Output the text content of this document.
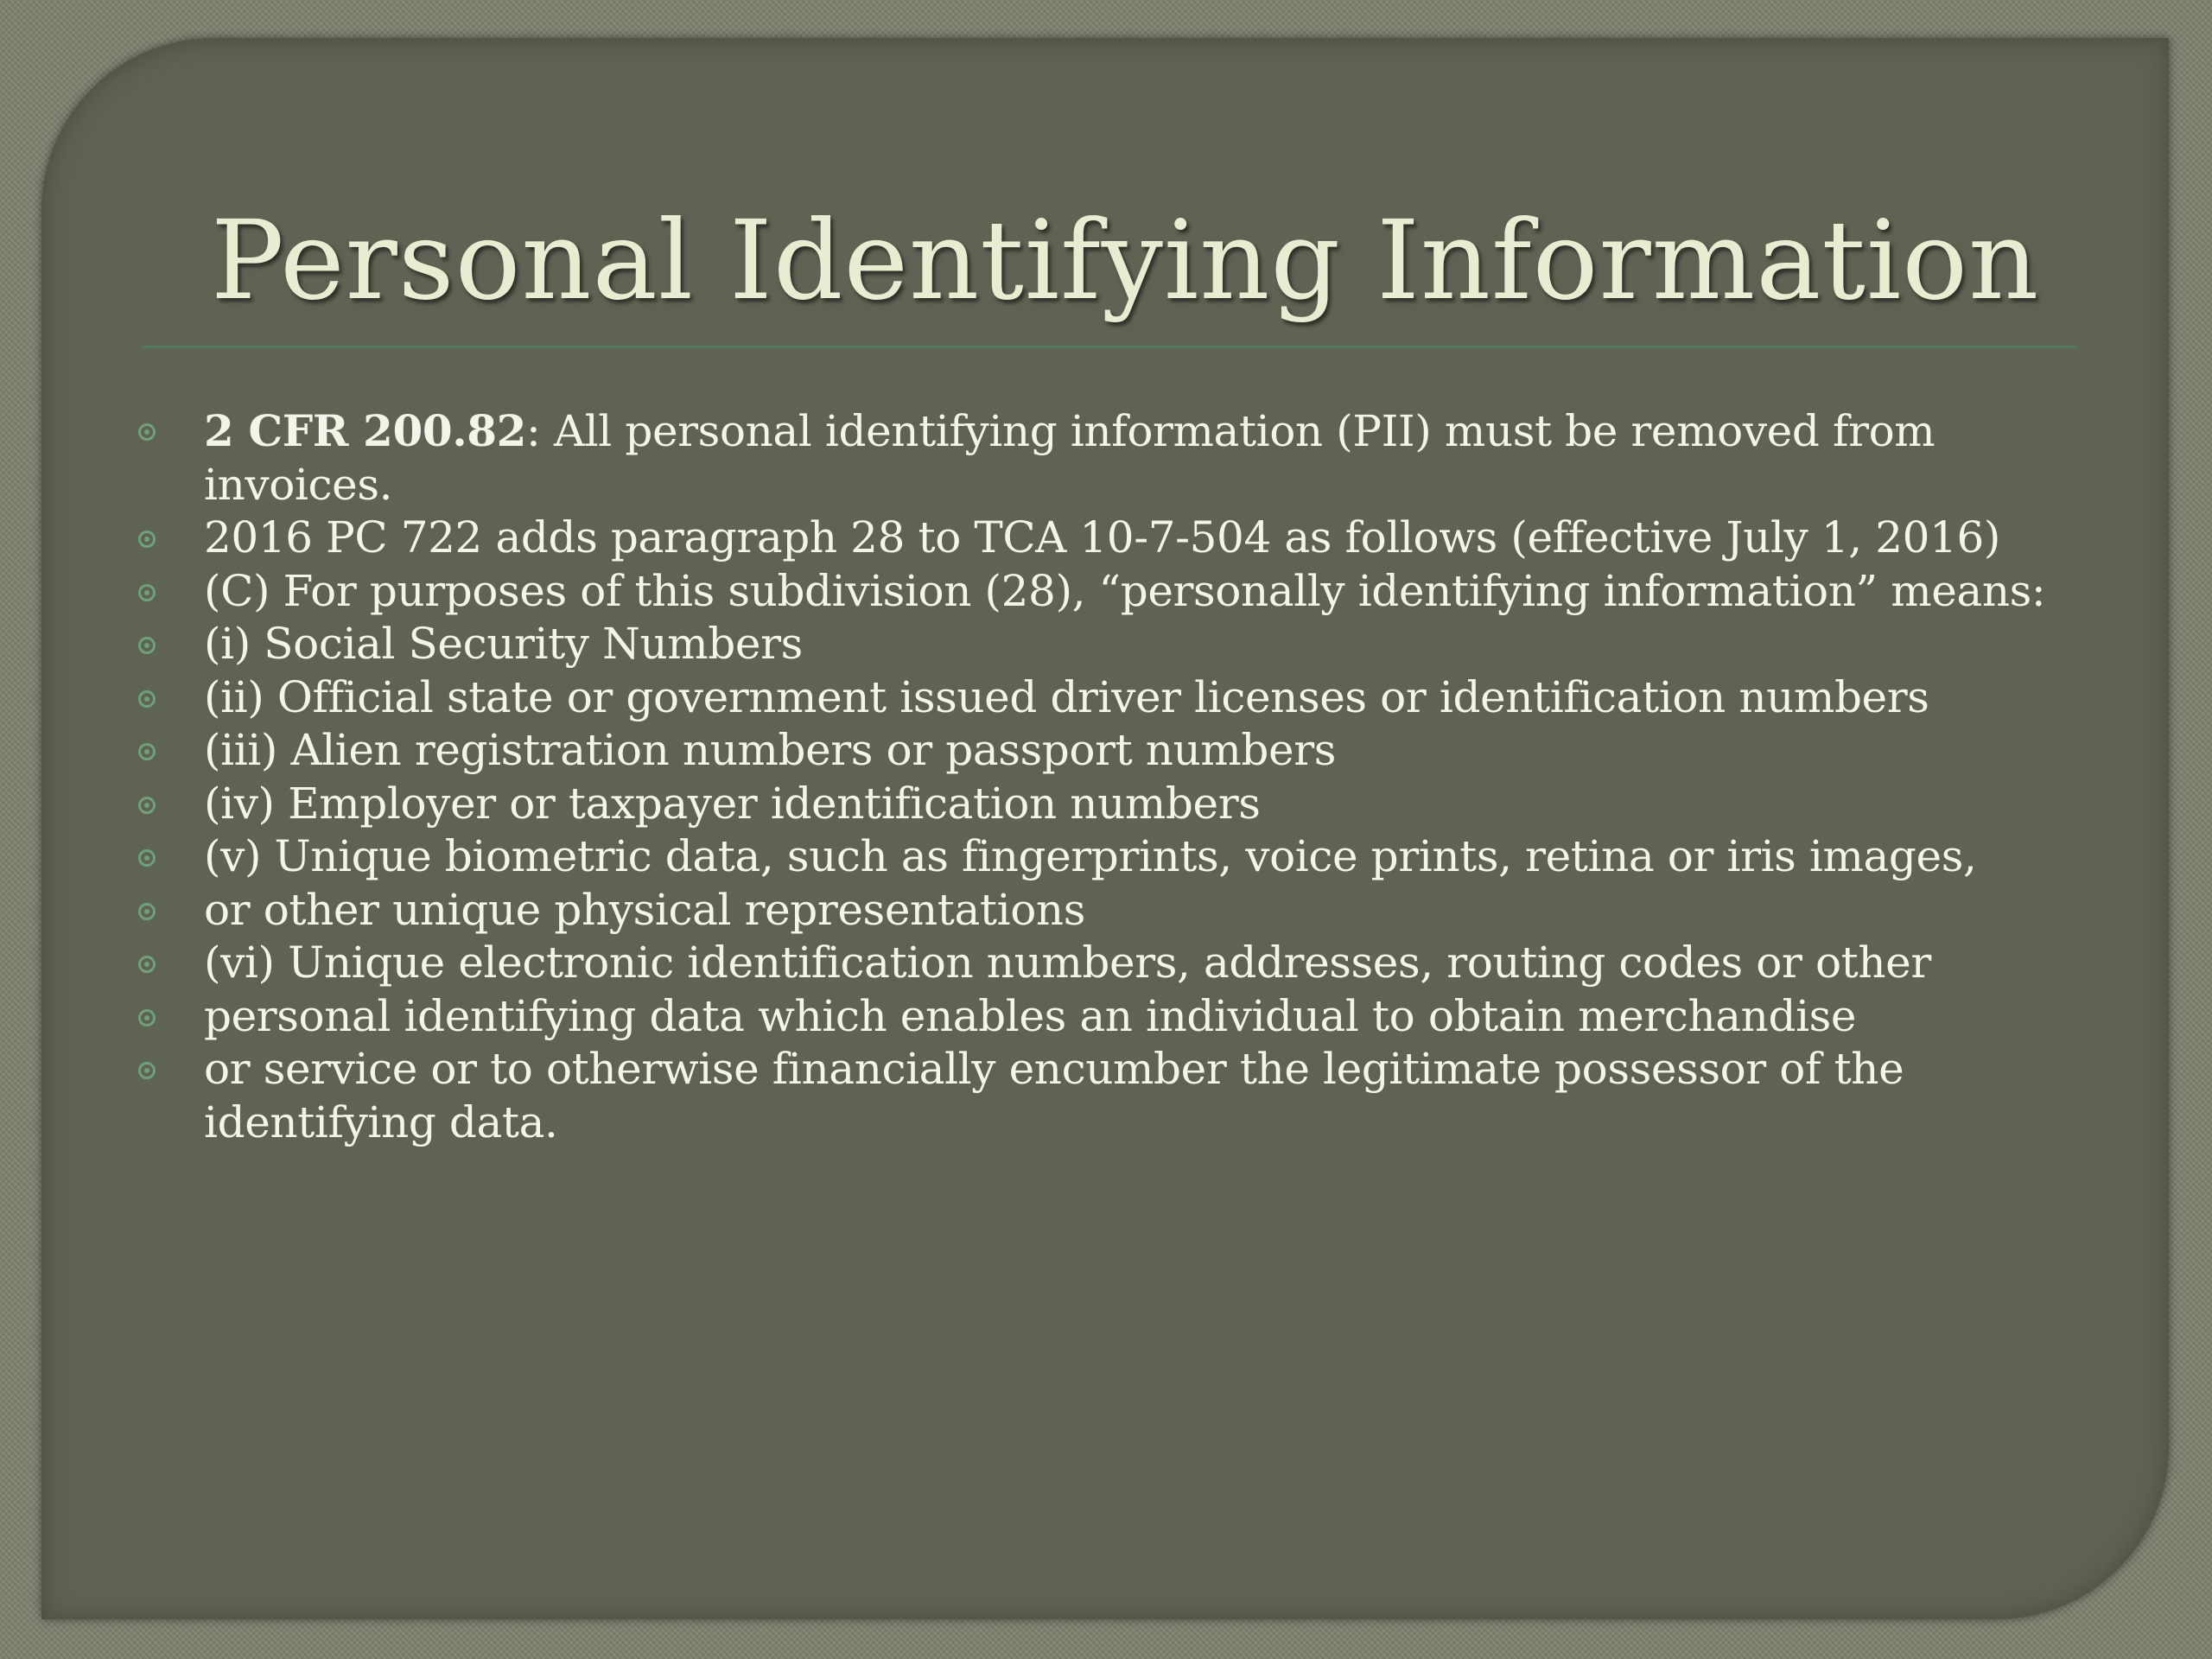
Personal Identifying Information
2 CFR 200.82: All personal identifying information (PII) must be removed from invoices.
2016 PC 722 adds paragraph 28 to TCA 10-7-504 as follows (effective July 1, 2016)
(C) For purposes of this subdivision (28), “personally identifying information” means:
(i) Social Security Numbers
(ii) Official state or government issued driver licenses or identification numbers
(iii) Alien registration numbers or passport numbers
(iv) Employer or taxpayer identification numbers
(v) Unique biometric data, such as fingerprints, voice prints, retina or iris images,
or other unique physical representations
(vi) Unique electronic identification numbers, addresses, routing codes or other
personal identifying data which enables an individual to obtain merchandise
or service or to otherwise financially encumber the legitimate possessor of the identifying data.
